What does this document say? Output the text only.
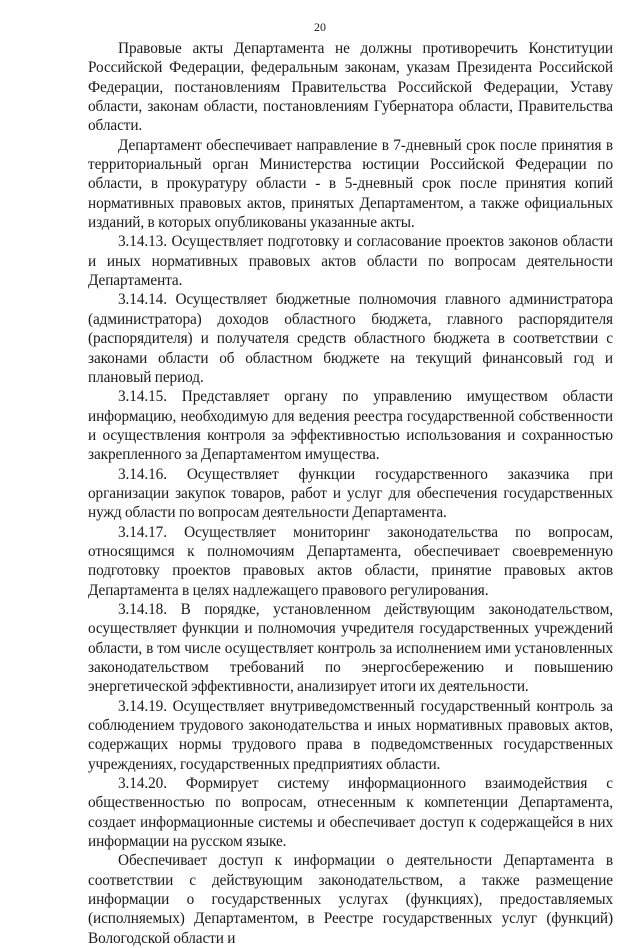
20

Правовые акты Департамента не должны противоречить Конституции Российской Федерации, федеральным законам, указам Президента Российской Федерации, постановлениям Правительства Российской Федерации, Уставу области, законам области, постановлениям Губернатора области, Правительства области.

Департамент обеспечивает направление в 7-дневный срок после принятия в территориальный орган Министерства юстиции Российской Федерации по области, в прокуратуру области - в 5-дневный срок после принятия копий нормативных правовых актов, принятых Департаментом, а также официальных изданий, в которых опубликованы указанные акты.

3.14.13. Осуществляет подготовку и согласование проектов законов области и иных нормативных правовых актов области по вопросам деятельности Департамента.

3.14.14. Осуществляет бюджетные полномочия главного администратора (администратора) доходов областного бюджета, главного распорядителя (распорядителя) и получателя средств областного бюджета в соответствии с законами области об областном бюджете на текущий финансовый год и плановый период.

3.14.15. Представляет органу по управлению имуществом области информацию, необходимую для ведения реестра государственной собственности и осуществления контроля за эффективностью использования и сохранностью закрепленного за Департаментом имущества.

3.14.16. Осуществляет функции государственного заказчика при организации закупок товаров, работ и услуг для обеспечения государственных нужд области по вопросам деятельности Департамента.

3.14.17. Осуществляет мониторинг законодательства по вопросам, относящимся к полномочиям Департамента, обеспечивает своевременную подготовку проектов правовых актов области, принятие правовых актов Департамента в целях надлежащего правового регулирования.

3.14.18. В порядке, установленном действующим законодательством, осуществляет функции и полномочия учредителя государственных учреждений области, в том числе осуществляет контроль за исполнением ими установленных законодательством требований по энергосбережению и повышению энергетической эффективности, анализирует итоги их деятельности.

3.14.19. Осуществляет внутриведомственный государственный контроль за соблюдением трудового законодательства и иных нормативных правовых актов, содержащих нормы трудового права в подведомственных государственных учреждениях, государственных предприятиях области.

3.14.20. Формирует систему информационного взаимодействия с общественностью по вопросам, отнесенным к компетенции Департамента, создает информационные системы и обеспечивает доступ к содержащейся в них информации на русском языке.

Обеспечивает доступ к информации о деятельности Департамента в соответствии с действующим законодательством, а также размещение информации о государственных услугах (функциях), предоставляемых (исполняемых) Департаментом, в Реестре государственных услуг (функций) Вологодской области и
